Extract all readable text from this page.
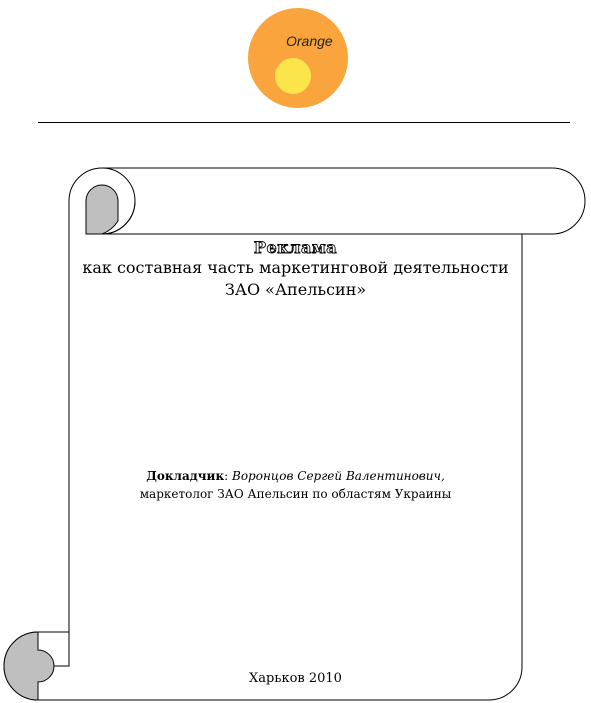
Orange
Реклама
как составная часть маркетинговой деятельности
ЗАО «Апельсин»
Докладчик: Воронцов Сергей Валентинович,
маркетолог ЗАО Апельсин по областям Украины
Харьков 2010
